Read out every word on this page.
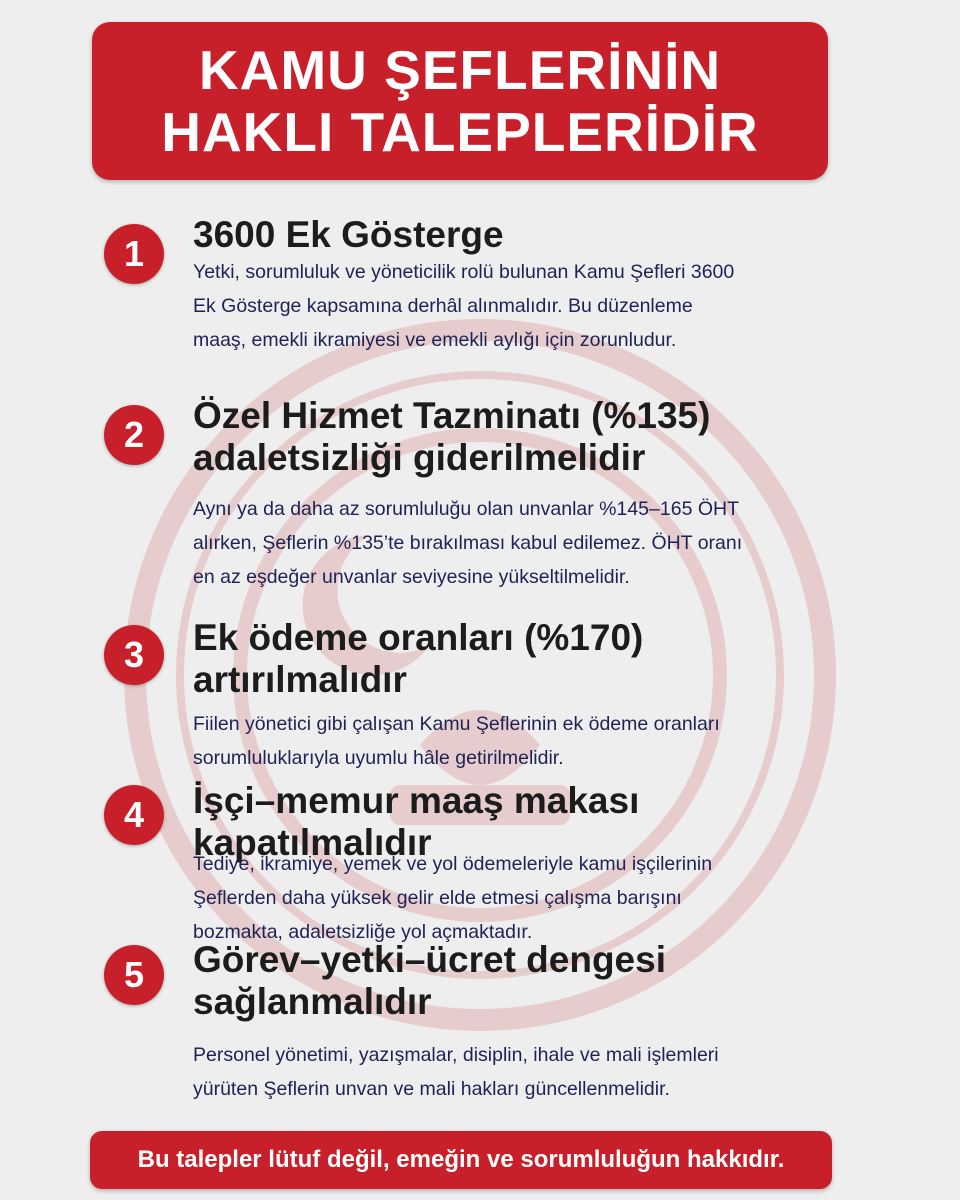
KAMU ŞEFLERİNİN
HAKLI TALEPLERİDİR
1	3600 Ek Gösterge
Yetki, sorumluluk ve yöneticilik rolü bulunan Kamu Şefleri 3600
Ek Gösterge kapsamına derhâl alınmalıdır. Bu düzenleme
maaş, emekli ikramiyesi ve emekli aylığı için zorunludur.
2	Özel Hizmet Tazminatı (%135)
adaletsizliği giderilmelidir
Aynı ya da daha az sorumluluğu olan unvanlar %145–165 ÖHT
alırken, Şeflerin %135’te bırakılması kabul edilemez. ÖHT oranı
en az eşdeğer unvanlar seviyesine yükseltilmelidir.
3	Ek ödeme oranları (%170)
artırılmalıdır
Fiilen yönetici gibi çalışan Kamu Şeflerinin ek ödeme oranları
sorumluluklarıyla uyumlu hâle getirilmelidir.
4	İşçi–memur maaş makası
kapatılmalıdır
Tediye, ikramiye, yemek ve yol ödemeleriyle kamu işçilerinin
Şeflerden daha yüksek gelir elde etmesi çalışma barışını
bozmakta, adaletsizliğe yol açmaktadır.
5	Görev–yetki–ücret dengesi
sağlanmalıdır
Personel yönetimi, yazışmalar, disiplin, ihale ve mali işlemleri
yürüten Şeflerin unvan ve mali hakları güncellenmelidir.
Bu talepler lütuf değil, emeğin ve sorumluluğun hakkıdır.
